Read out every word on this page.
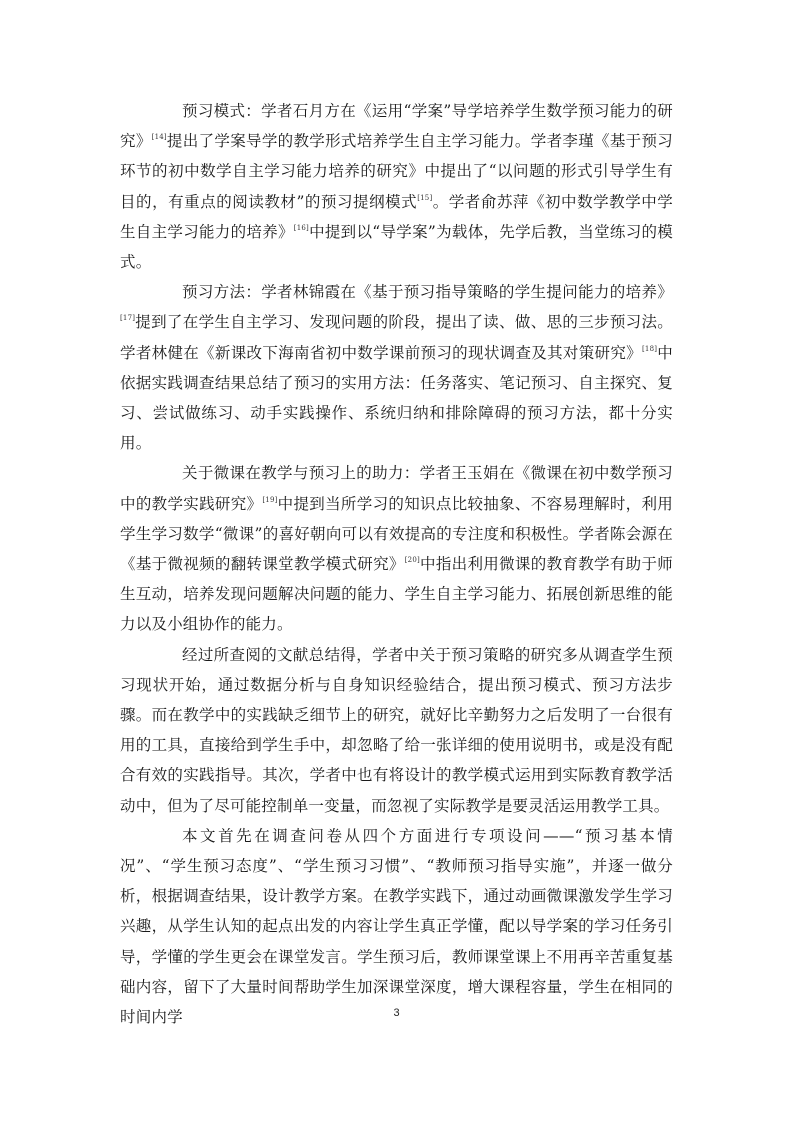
预习模式：学者石月方在《运用“学案”导学培养学生数学预习能力的研究》[14]提出了学案导学的教学形式培养学生自主学习能力。学者李瑾《基于预习环节的初中数学自主学习能力培养的研究》中提出了“以问题的形式引导学生有目的，有重点的阅读教材”的预习提纲模式[15]。学者俞苏萍《初中数学教学中学生自主学习能力的培养》[16]中提到以“导学案”为载体，先学后教，当堂练习的模式。

预习方法：学者林锦霞在《基于预习指导策略的学生提问能力的培养》[17]提到了在学生自主学习、发现问题的阶段，提出了读、做、思的三步预习法。学者林健在《新课改下海南省初中数学课前预习的现状调查及其对策研究》[18]中依据实践调查结果总结了预习的实用方法：任务落实、笔记预习、自主探究、复习、尝试做练习、动手实践操作、系统归纳和排除障碍的预习方法，都十分实用。

关于微课在教学与预习上的助力：学者王玉娟在《微课在初中数学预习中的教学实践研究》[19]中提到当所学习的知识点比较抽象、不容易理解时，利用学生学习数学“微课”的喜好朝向可以有效提高的专注度和积极性。学者陈会源在《基于微视频的翻转课堂教学模式研究》[20]中指出利用微课的教育教学有助于师生互动，培养发现问题解决问题的能力、学生自主学习能力、拓展创新思维的能力以及小组协作的能力。

经过所查阅的文献总结得，学者中关于预习策略的研究多从调查学生预习现状开始，通过数据分析与自身知识经验结合，提出预习模式、预习方法步骤。而在教学中的实践缺乏细节上的研究，就好比辛勤努力之后发明了一台很有用的工具，直接给到学生手中，却忽略了给一张详细的使用说明书，或是没有配合有效的实践指导。其次，学者中也有将设计的教学模式运用到实际教育教学活动中，但为了尽可能控制单一变量，而忽视了实际教学是要灵活运用教学工具。

本文首先在调查问卷从四个方面进行专项设问——“预习基本情况”、“学生预习态度”、“学生预习习惯”、“教师预习指导实施”，并逐一做分析，根据调查结果，设计教学方案。在教学实践下，通过动画微课激发学生学习兴趣，从学生认知的起点出发的内容让学生真正学懂，配以导学案的学习任务引导，学懂的学生更会在课堂发言。学生预习后，教师课堂课上不用再辛苦重复基础内容，留下了大量时间帮助学生加深课堂深度，增大课程容量，学生在相同的时间内学	3
